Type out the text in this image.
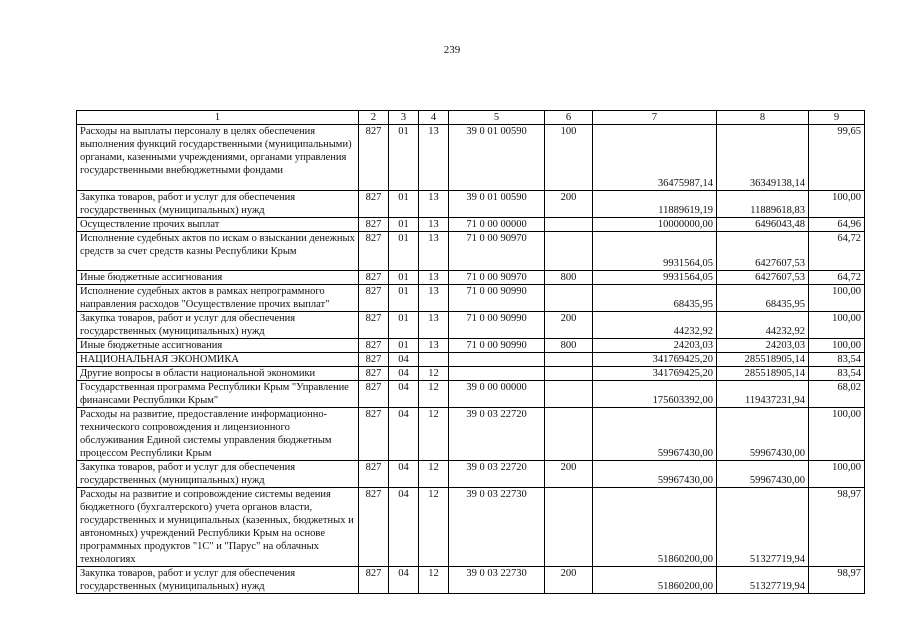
239
1	2	3	4	5	6	7	8	9
Расходы на выплаты персоналу в целях обеспечения выполнения функций государственными (муниципальными) органами, казенными учреждениями, органами управления государственными внебюджетными фондами	827	01	13	39 0 01 00590	100	36475987,14	36349138,14	99,65
Закупка товаров, работ и услуг для обеспечения государственных (муниципальных) нужд	827	01	13	39 0 01 00590	200	11889619,19	11889618,83	100,00
Осуществление прочих выплат	827	01	13	71 0 00 00000		10000000,00	6496043,48	64,96
Исполнение судебных актов по искам о взыскании денежных средств за счет средств казны Республики Крым	827	01	13	71 0 00 90970		9931564,05	6427607,53	64,72
Иные бюджетные ассигнования	827	01	13	71 0 00 90970	800	9931564,05	6427607,53	64,72
Исполнение судебных актов в рамках непрограммного направления расходов "Осуществление прочих выплат"	827	01	13	71 0 00 90990		68435,95	68435,95	100,00
Закупка товаров, работ и услуг для обеспечения государственных (муниципальных) нужд	827	01	13	71 0 00 90990	200	44232,92	44232,92	100,00
Иные бюджетные ассигнования	827	01	13	71 0 00 90990	800	24203,03	24203,03	100,00
НАЦИОНАЛЬНАЯ ЭКОНОМИКА	827	04				341769425,20	285518905,14	83,54
Другие вопросы в области национальной экономики	827	04	12			341769425,20	285518905,14	83,54
Государственная программа Республики Крым "Управление финансами Республики Крым"	827	04	12	39 0 00 00000		175603392,00	119437231,94	68,02
Расходы на развитие, предоставление информационно-технического сопровождения и лицензионного обслуживания Единой системы управления бюджетным процессом Республики Крым	827	04	12	39 0 03 22720		59967430,00	59967430,00	100,00
Закупка товаров, работ и услуг для обеспечения государственных (муниципальных) нужд	827	04	12	39 0 03 22720	200	59967430,00	59967430,00	100,00
Расходы на развитие и сопровождение системы ведения бюджетного (бухгалтерского) учета органов власти, государственных и муниципальных (казенных, бюджетных и автономных) учреждений Республики Крым на основе программных продуктов "1С" и "Парус" на облачных технологиях	827	04	12	39 0 03 22730		51860200,00	51327719,94	98,97
Закупка товаров, работ и услуг для обеспечения государственных (муниципальных) нужд	827	04	12	39 0 03 22730	200	51860200,00	51327719,94	98,97
